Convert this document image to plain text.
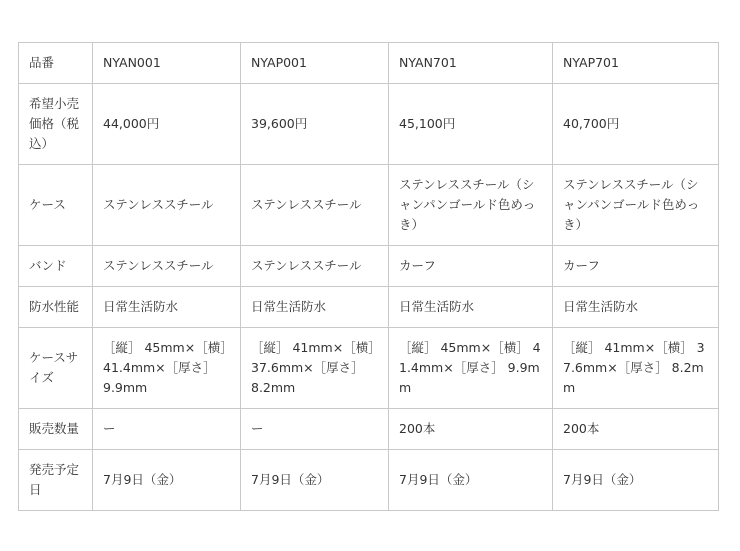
品番	NYAN001	NYAP001	NYAN701	NYAP701
希望小売価格（税込）	44,000円	39,600円	45,100円	40,700円
ケース	ステンレススチール	ステンレススチール	ステンレススチール（シャンパンゴールド色めっき）	ステンレススチール（シャンパンゴールド色めっき）
バンド	ステンレススチール	ステンレススチール	カーフ	カーフ
防水性能	日常生活防水	日常生活防水	日常生活防水	日常生活防水
ケースサイズ	［縦］ 45mm×［横］41.4mm×［厚さ］ 9.9mm	［縦］ 41mm×［横］37.6mm×［厚さ］ 8.2mm	［縦］ 45mm×［横］ 41.4mm×［厚さ］ 9.9mm	［縦］ 41mm×［横］ 37.6mm×［厚さ］ 8.2mm
販売数量	ー	ー	200本	200本
発売予定日	7月9日（金）	7月9日（金）	7月9日（金）	7月9日（金）
